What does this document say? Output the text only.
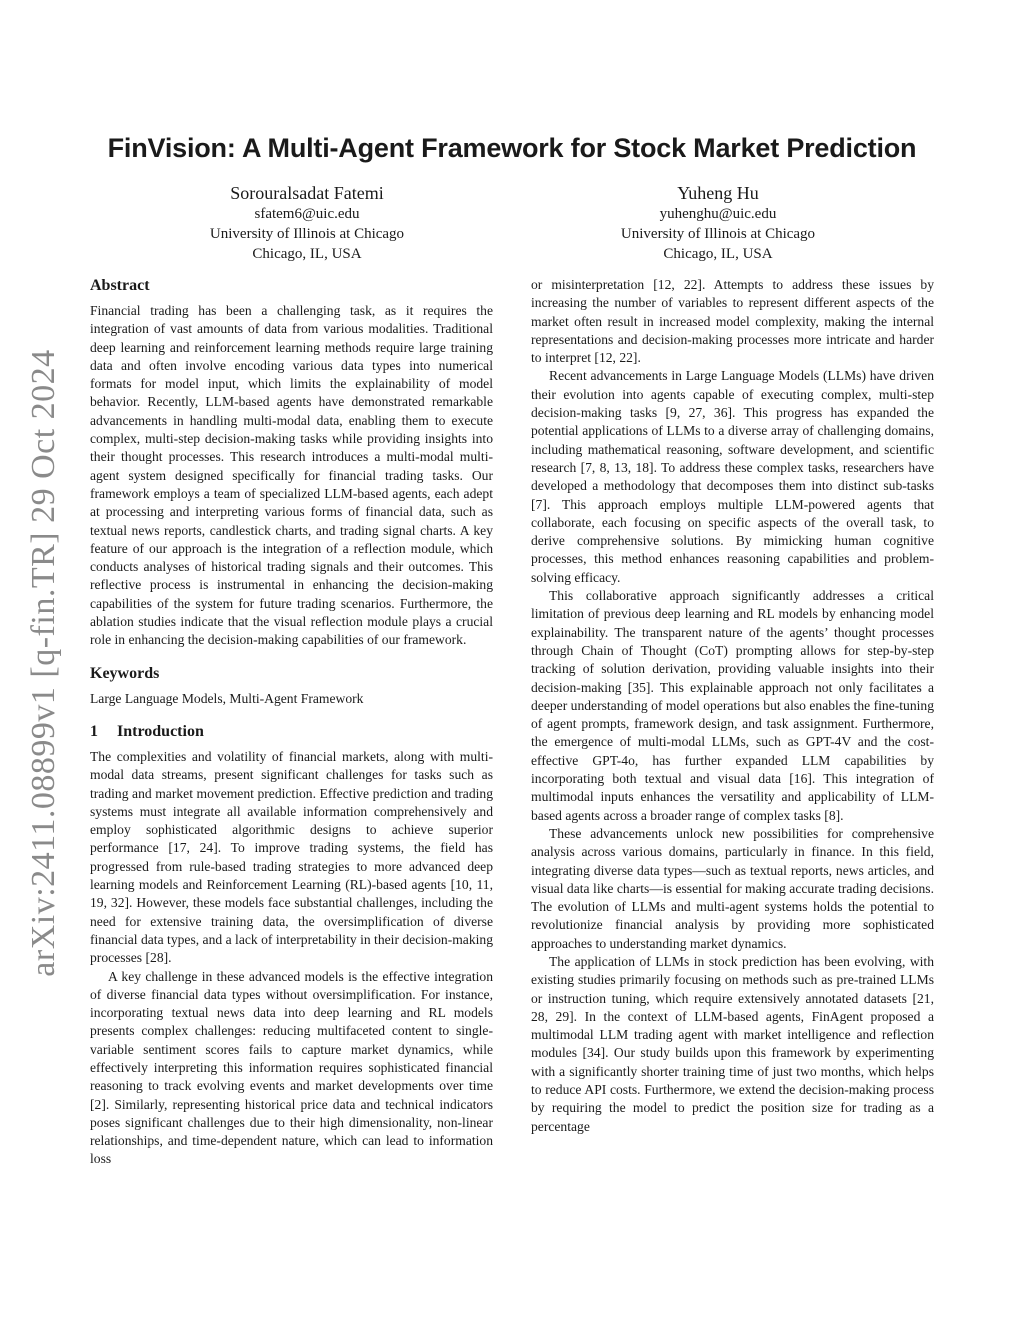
arXiv:2411.08899v1 [q-fin.TR] 29 Oct 2024
FinVision: A Multi-Agent Framework for Stock Market Prediction
Sorouralsadat Fatemi
sfatem6@uic.edu
University of Illinois at Chicago
Chicago, IL, USA
Yuheng Hu
yuhenghu@uic.edu
University of Illinois at Chicago
Chicago, IL, USA
Abstract

Financial trading has been a challenging task, as it requires the integration of vast amounts of data from various modalities. Traditional deep learning and reinforcement learning methods require large training data and often involve encoding various data types into numerical formats for model input, which limits the explainability of model behavior. Recently, LLM-based agents have demonstrated remarkable advancements in handling multi-modal data, enabling them to execute complex, multi-step decision-making tasks while providing insights into their thought processes. This research introduces a multi-modal multi-agent system designed specifically for financial trading tasks. Our framework employs a team of specialized LLM-based agents, each adept at processing and interpreting various forms of financial data, such as textual news reports, candlestick charts, and trading signal charts. A key feature of our approach is the integration of a reflection module, which conducts analyses of historical trading signals and their outcomes. This reflective process is instrumental in enhancing the decision-making capabilities of the system for future trading scenarios. Furthermore, the ablation studies indicate that the visual reflection module plays a crucial role in enhancing the decision-making capabilities of our framework.

Keywords

Large Language Models, Multi-Agent Framework

1 Introduction

The complexities and volatility of financial markets, along with multi-modal data streams, present significant challenges for tasks such as trading and market movement prediction. Effective prediction and trading systems must integrate all available information comprehensively and employ sophisticated algorithmic designs to achieve superior performance [17, 24]. To improve trading systems, the field has progressed from rule-based trading strategies to more advanced deep learning models and Reinforcement Learning (RL)-based agents [10, 11, 19, 32]. However, these models face substantial challenges, including the need for extensive training data, the oversimplification of diverse financial data types, and a lack of interpretability in their decision-making processes [28].

A key challenge in these advanced models is the effective integration of diverse financial data types without oversimplification. For instance, incorporating textual news data into deep learning and RL models presents complex challenges: reducing multifaceted content to single-variable sentiment scores fails to capture market dynamics, while effectively interpreting this information requires sophisticated financial reasoning to track evolving events and market developments over time [2]. Similarly, representing historical price data and technical indicators poses significant challenges due to their high dimensionality, non-linear relationships, and time-dependent nature, which can lead to information loss

or misinterpretation [12, 22]. Attempts to address these issues by increasing the number of variables to represent different aspects of the market often result in increased model complexity, making the internal representations and decision-making processes more intricate and harder to interpret [12, 22].

Recent advancements in Large Language Models (LLMs) have driven their evolution into agents capable of executing complex, multi-step decision-making tasks [9, 27, 36]. This progress has expanded the potential applications of LLMs to a diverse array of challenging domains, including mathematical reasoning, software development, and scientific research [7, 8, 13, 18]. To address these complex tasks, researchers have developed a methodology that decomposes them into distinct sub-tasks [7]. This approach employs multiple LLM-powered agents that collaborate, each focusing on specific aspects of the overall task, to derive comprehensive solutions. By mimicking human cognitive processes, this method enhances reasoning capabilities and problem-solving efficacy.

This collaborative approach significantly addresses a critical limitation of previous deep learning and RL models by enhancing model explainability. The transparent nature of the agents’ thought processes through Chain of Thought (CoT) prompting allows for step-by-step tracking of solution derivation, providing valuable insights into their decision-making [35]. This explainable approach not only facilitates a deeper understanding of model operations but also enables the fine-tuning of agent prompts, framework design, and task assignment. Furthermore, the emergence of multi-modal LLMs, such as GPT-4V and the cost-effective GPT-4o, has further expanded LLM capabilities by incorporating both textual and visual data [16]. This integration of multimodal inputs enhances the versatility and applicability of LLM-based agents across a broader range of complex tasks [8].

These advancements unlock new possibilities for comprehensive analysis across various domains, particularly in finance. In this field, integrating diverse data types—such as textual reports, news articles, and visual data like charts—is essential for making accurate trading decisions. The evolution of LLMs and multi-agent systems holds the potential to revolutionize financial analysis by providing more sophisticated approaches to understanding market dynamics.

The application of LLMs in stock prediction has been evolving, with existing studies primarily focusing on methods such as pre-trained LLMs or instruction tuning, which require extensively annotated datasets [21, 28, 29]. In the context of LLM-based agents, FinAgent proposed a multimodal LLM trading agent with market intelligence and reflection modules [34]. Our study builds upon this framework by experimenting with a significantly shorter training time of just two months, which helps to reduce API costs. Furthermore, we extend the decision-making process by requiring the model to predict the position size for trading as a percentage
